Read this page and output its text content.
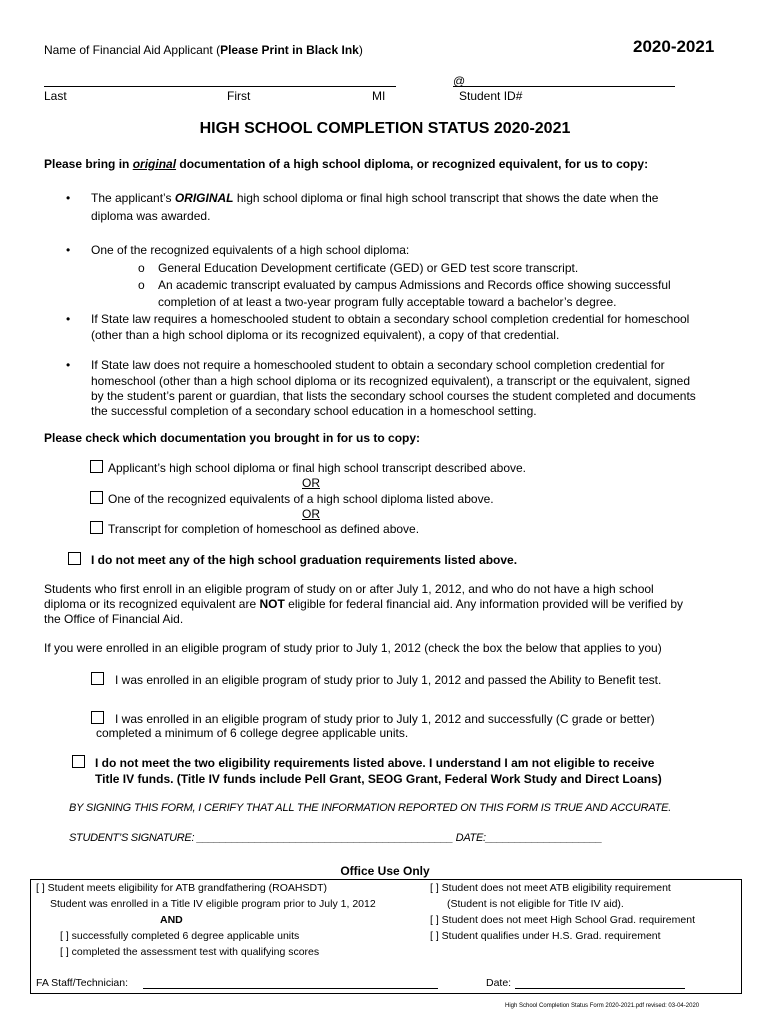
Name of Financial Aid Applicant (Please Print in Black Ink)	2020-2021
@
Last	First	MI	Student ID#
HIGH SCHOOL COMPLETION STATUS 2020-2021
Please bring in original documentation of a high school diploma, or recognized equivalent, for us to copy:
• The applicant’s ORIGINAL high school diploma or final high school transcript that shows the date when the
diploma was awarded.
• One of the recognized equivalents of a high school diploma:
o General Education Development certificate (GED) or GED test score transcript.
o An academic transcript evaluated by campus Admissions and Records office showing successful
completion of at least a two-year program fully acceptable toward a bachelor’s degree.
• If State law requires a homeschooled student to obtain a secondary school completion credential for homeschool
(other than a high school diploma or its recognized equivalent), a copy of that credential.
• If State law does not require a homeschooled student to obtain a secondary school completion credential for
homeschool (other than a high school diploma or its recognized equivalent), a transcript or the equivalent, signed
by the student’s parent or guardian, that lists the secondary school courses the student completed and documents
the successful completion of a secondary school education in a homeschool setting.
Please check which documentation you brought in for us to copy:
Applicant’s high school diploma or final high school transcript described above.
OR
One of the recognized equivalents of a high school diploma listed above.
OR
Transcript for completion of homeschool as defined above.
I do not meet any of the high school graduation requirements listed above.
Students who first enroll in an eligible program of study on or after July 1, 2012, and who do not have a high school
diploma or its recognized equivalent are NOT eligible for federal financial aid. Any information provided will be verified by
the Office of Financial Aid.
If you were enrolled in an eligible program of study prior to July 1, 2012 (check the box the below that applies to you)
I was enrolled in an eligible program of study prior to July 1, 2012 and passed the Ability to Benefit test.
I was enrolled in an eligible program of study prior to July 1, 2012 and successfully (C grade or better)
completed a minimum of 6 college degree applicable units.
I do not meet the two eligibility requirements listed above. I understand I am not eligible to receive
Title IV funds. (Title IV funds include Pell Grant, SEOG Grant, Federal Work Study and Direct Loans)
BY SIGNING THIS FORM, I CERIFY THAT ALL THE INFORMATION REPORTED ON THIS FORM IS TRUE AND ACCURATE.
STUDENT’S SIGNATURE: ____________________________________________ DATE:____________________
Office Use Only
[ ] Student meets eligibility for ATB grandfathering (ROAHSDT)
Student was enrolled in a Title IV eligible program prior to July 1, 2012
AND
[ ] successfully completed 6 degree applicable units
[ ] completed the assessment test with qualifying scores
[ ] Student does not meet ATB eligibility requirement
(Student is not eligible for Title IV aid).
[ ] Student does not meet High School Grad. requirement
[ ] Student qualifies under H.S. Grad. requirement
FA Staff/Technician:	Date:
High School Completion Status Form 2020-2021.pdf revised: 03-04-2020
